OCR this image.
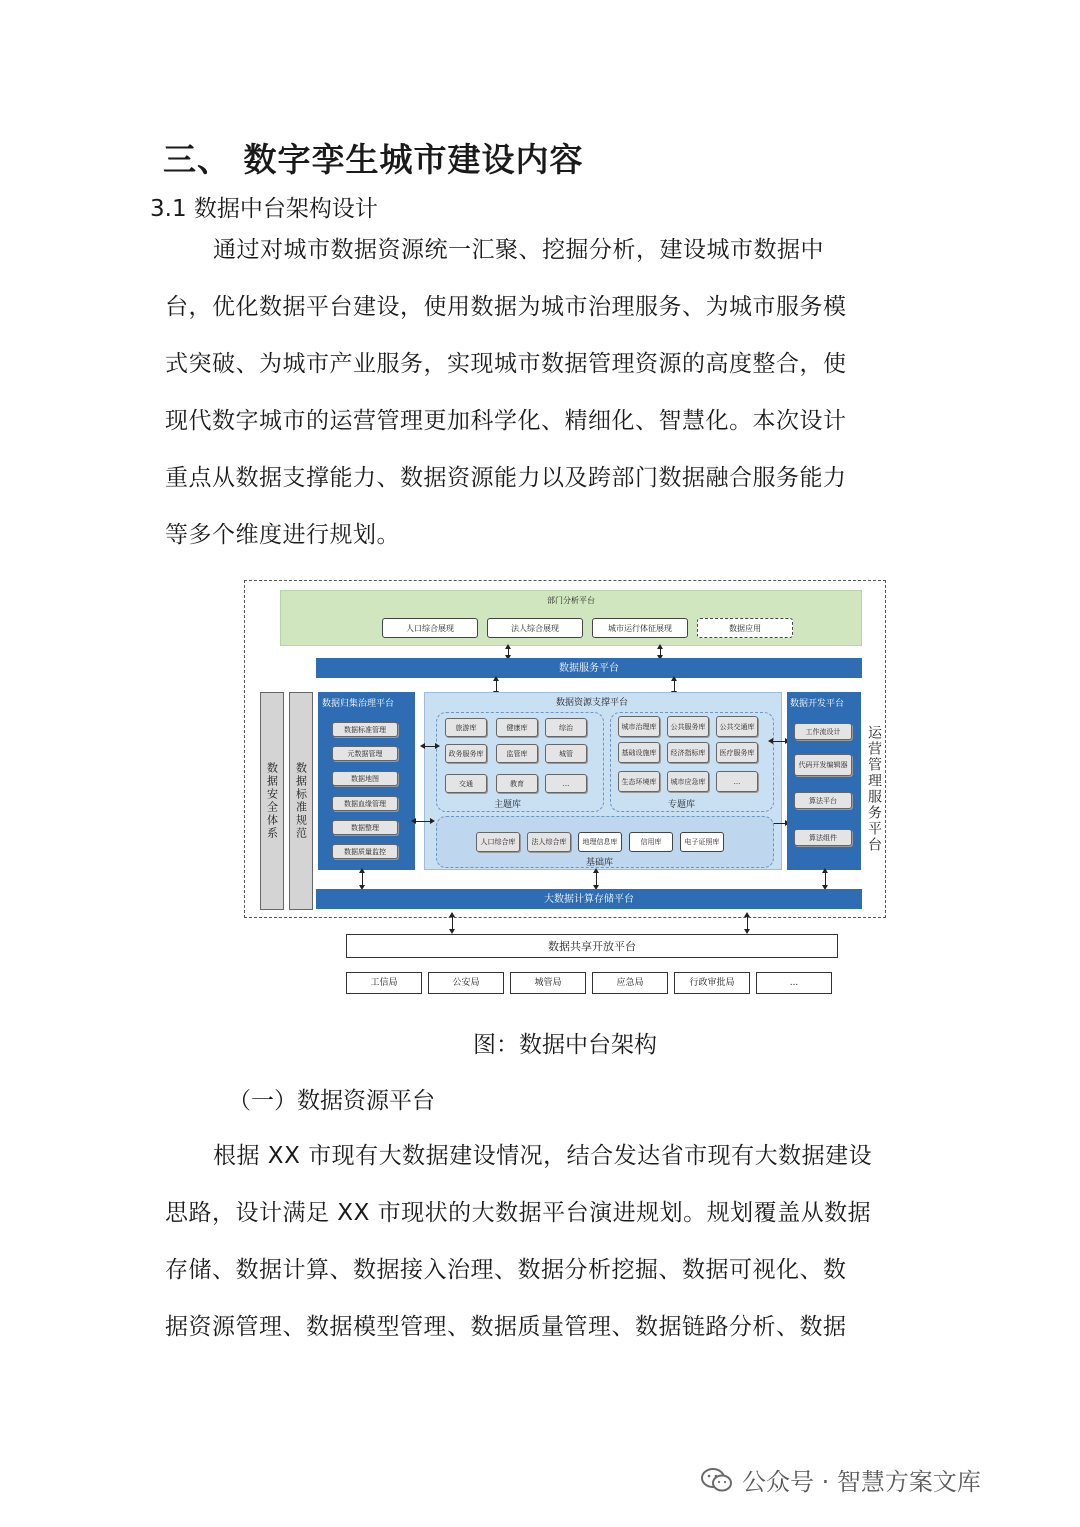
三、 数字孪生城市建设内容
3.1 数据中台架构设计

通过对城市数据资源统一汇聚、挖掘分析，建设城市数据中

台，优化数据平台建设，使用数据为城市治理服务、为城市服务模

式突破、为城市产业服务，实现城市数据管理资源的高度整合，使

现代数字城市的运营管理更加科学化、精细化、智慧化。本次设计

重点从数据支撑能力、数据资源能力以及跨部门数据融合服务能力

等多个维度进行规划。

部门分析平台
人口综合展现	法人综合展现	城市运行体征展现	数据应用
数据服务平台
数据安全体系 数据标准规范
数据归集治理平台
数据标准管理
元数据管理
数据地图
数据血缘管理
数据整理
数据质量监控
数据资源支撑平台
旅游库	健康库	综治
政务服务库	监管库	城管
交通	教育	...
主题库
城市治理库	公共服务库	公共交通库
基础设施库	经济指标库	医疗服务库
生态环境库	城市应急库	...
专题库
人口综合库	法人综合库	地理信息库	信用库	电子证照库
基础库
数据开发平台
工作流设计
代码开发编辑器
算法平台
算法组件	运营管理服务平台
大数据计算存储平台
数据共享开放平台
工信局	公安局	城管局	应急局	行政审批局	...
图：数据中台架构
（一）数据资源平台

根据 XX 市现有大数据建设情况，结合发达省市现有大数据建设

思路，设计满足 XX 市现状的大数据平台演进规划。规划覆盖从数据

存储、数据计算、数据接入治理、数据分析挖掘、数据可视化、数

据资源管理、数据模型管理、数据质量管理、数据链路分析、数据

公众号 · 智慧方案文库
